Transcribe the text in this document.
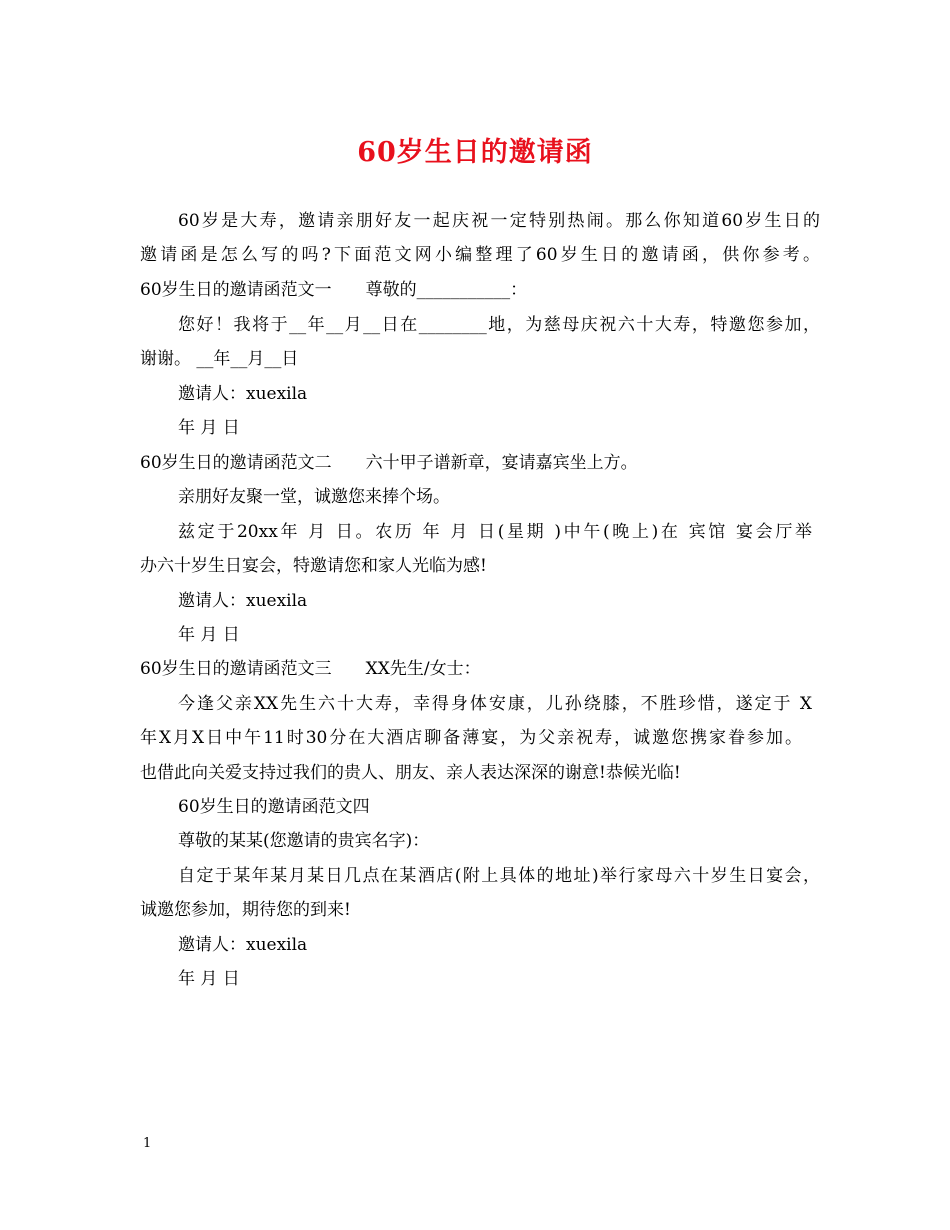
60岁生日的邀请函
60岁是大寿，邀请亲朋好友一起庆祝一定特别热闹。那么你知道60岁生日的
邀请函是怎么写的吗?下面范文网小编整理了60岁生日的邀请函，供你参考。
60岁生日的邀请函范文一　　尊敬的___________：
您好！我将于__年__月__日在________地，为慈母庆祝六十大寿，特邀您参加，
谢谢。 __年__月__日
邀请人：xuexila
年 月 日
60岁生日的邀请函范文二　　六十甲子谱新章，宴请嘉宾坐上方。
亲朋好友聚一堂，诚邀您来捧个场。
兹定于20xx年 月 日。农历 年 月 日(星期 )中午(晚上)在 宾馆 宴会厅举
办六十岁生日宴会，特邀请您和家人光临为感!
邀请人：xuexila
年 月 日
60岁生日的邀请函范文三　　XX先生/女士：
今逢父亲XX先生六十大寿，幸得身体安康，儿孙绕膝，不胜珍惜，遂定于 X
年X月X日中午11时30分在大酒店聊备薄宴，为父亲祝寿，诚邀您携家眷参加。
也借此向关爱支持过我们的贵人、朋友、亲人表达深深的谢意!恭候光临!
60岁生日的邀请函范文四
尊敬的某某(您邀请的贵宾名字)：
自定于某年某月某日几点在某酒店(附上具体的地址)举行家母六十岁生日宴会，
诚邀您参加，期待您的到来!
邀请人：xuexila
年 月 日
1
